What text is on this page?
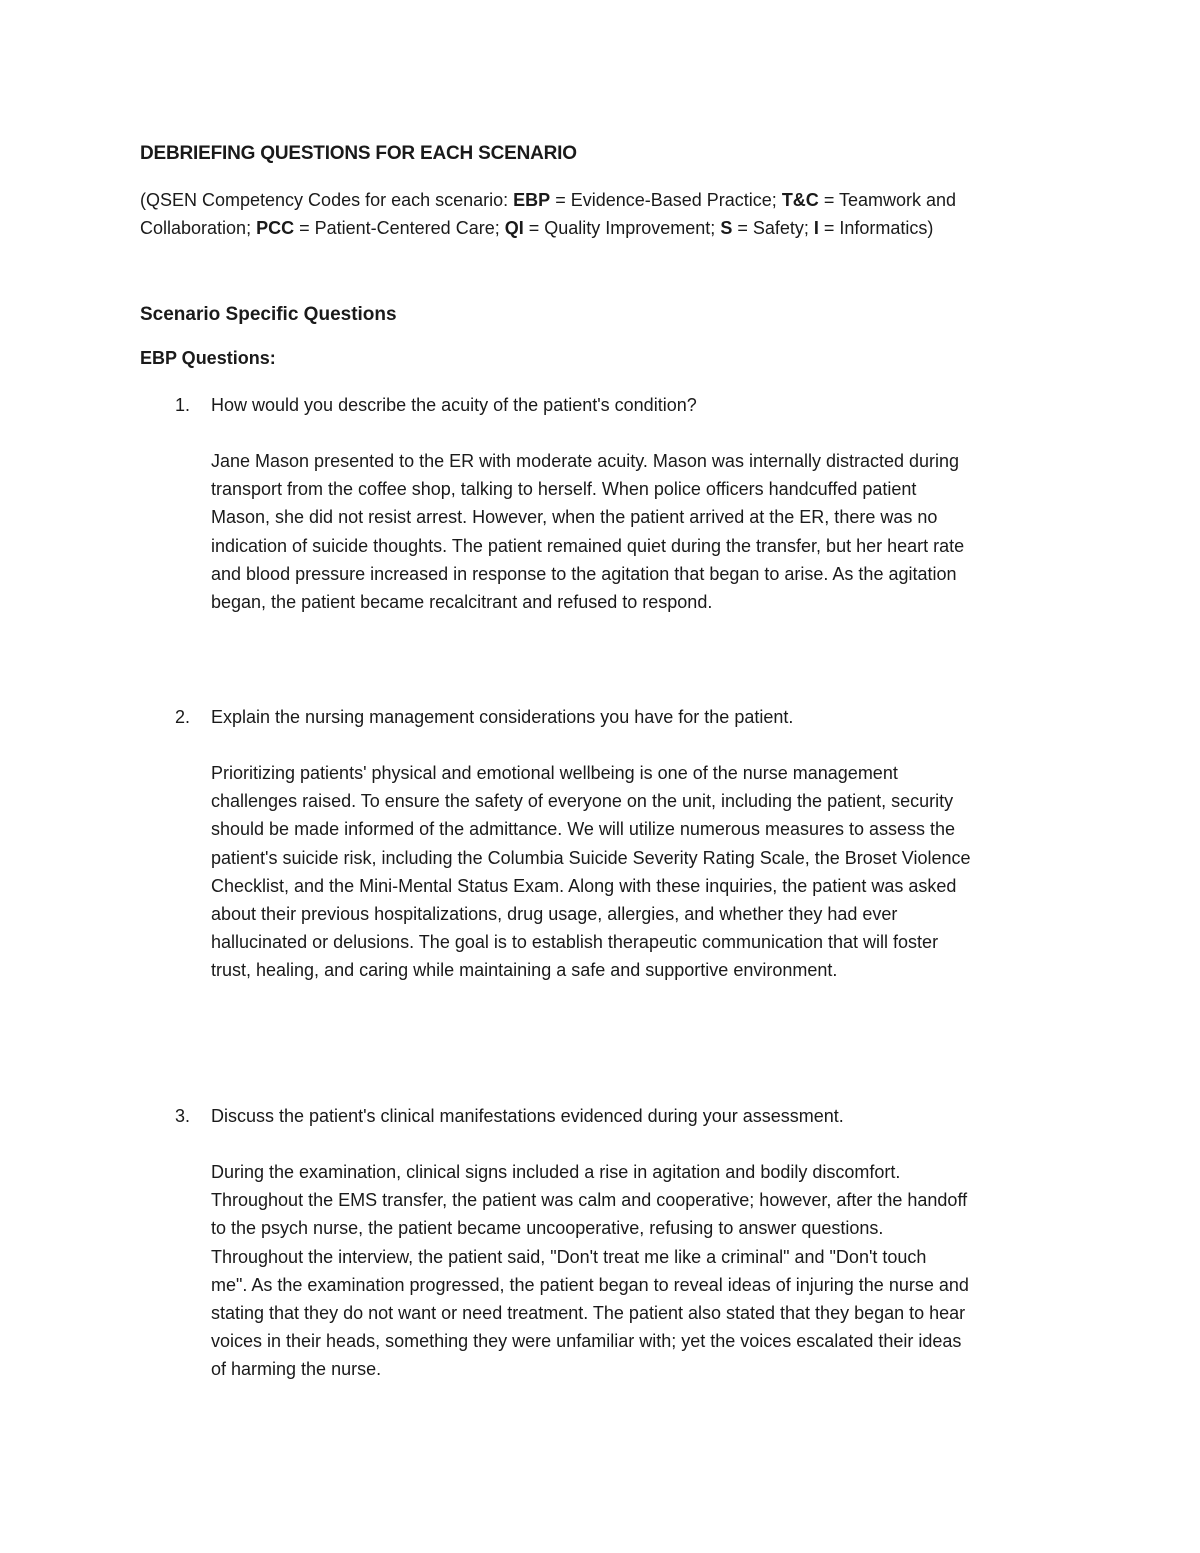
DEBRIEFING QUESTIONS FOR EACH SCENARIO
(QSEN Competency Codes for each scenario: EBP = Evidence-Based Practice; T&C = Teamwork and
Collaboration; PCC = Patient-Centered Care; QI = Quality Improvement; S = Safety; I = Informatics)
Scenario Specific Questions
EBP Questions:
1. How would you describe the acuity of the patient's condition?
Jane Mason presented to the ER with moderate acuity. Mason was internally distracted during
transport from the coffee shop, talking to herself. When police officers handcuffed patient
Mason, she did not resist arrest. However, when the patient arrived at the ER, there was no
indication of suicide thoughts. The patient remained quiet during the transfer, but her heart rate
and blood pressure increased in response to the agitation that began to arise. As the agitation
began, the patient became recalcitrant and refused to respond.
2. Explain the nursing management considerations you have for the patient.
Prioritizing patients' physical and emotional wellbeing is one of the nurse management
challenges raised. To ensure the safety of everyone on the unit, including the patient, security
should be made informed of the admittance. We will utilize numerous measures to assess the
patient's suicide risk, including the Columbia Suicide Severity Rating Scale, the Broset Violence
Checklist, and the Mini-Mental Status Exam. Along with these inquiries, the patient was asked
about their previous hospitalizations, drug usage, allergies, and whether they had ever
hallucinated or delusions. The goal is to establish therapeutic communication that will foster
trust, healing, and caring while maintaining a safe and supportive environment.
3. Discuss the patient's clinical manifestations evidenced during your assessment.
During the examination, clinical signs included a rise in agitation and bodily discomfort.
Throughout the EMS transfer, the patient was calm and cooperative; however, after the handoff
to the psych nurse, the patient became uncooperative, refusing to answer questions.
Throughout the interview, the patient said, "Don't treat me like a criminal" and "Don't touch
me". As the examination progressed, the patient began to reveal ideas of injuring the nurse and
stating that they do not want or need treatment. The patient also stated that they began to hear
voices in their heads, something they were unfamiliar with; yet the voices escalated their ideas
of harming the nurse.
